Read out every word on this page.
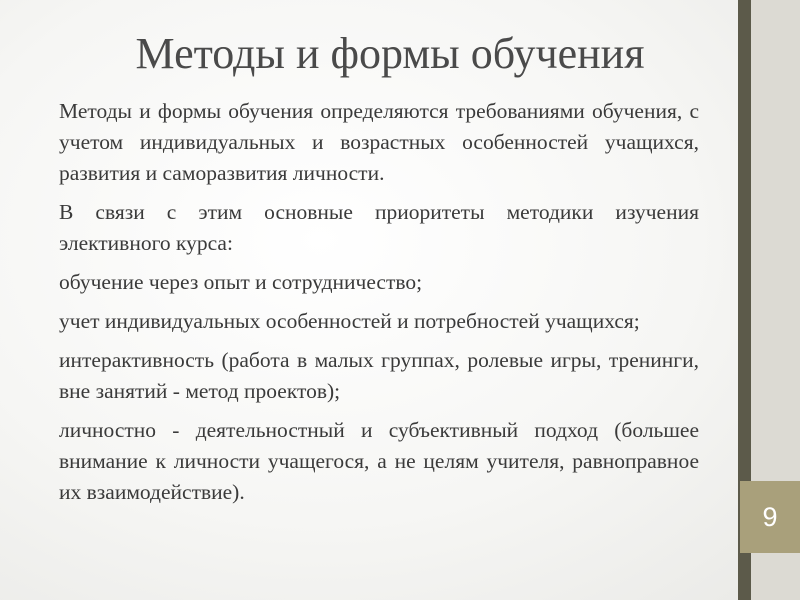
9
Методы и формы обучения

Методы и формы обучения определяются требованиями обучения, с учетом индивидуальных и возрастных особенностей учащихся, развития и саморазвития личности.

В связи с этим основные приоритеты методики изучения элективного курса:

обучение через опыт и сотрудничество;

учет индивидуальных особенностей и потребностей учащихся;

интерактивность (работа в малых группах, ролевые игры, тренинги, вне занятий - метод проектов);

личностно - деятельностный и субъективный подход (большее внимание к личности учащегося, а не целям учителя, равноправное их взаимодействие).
